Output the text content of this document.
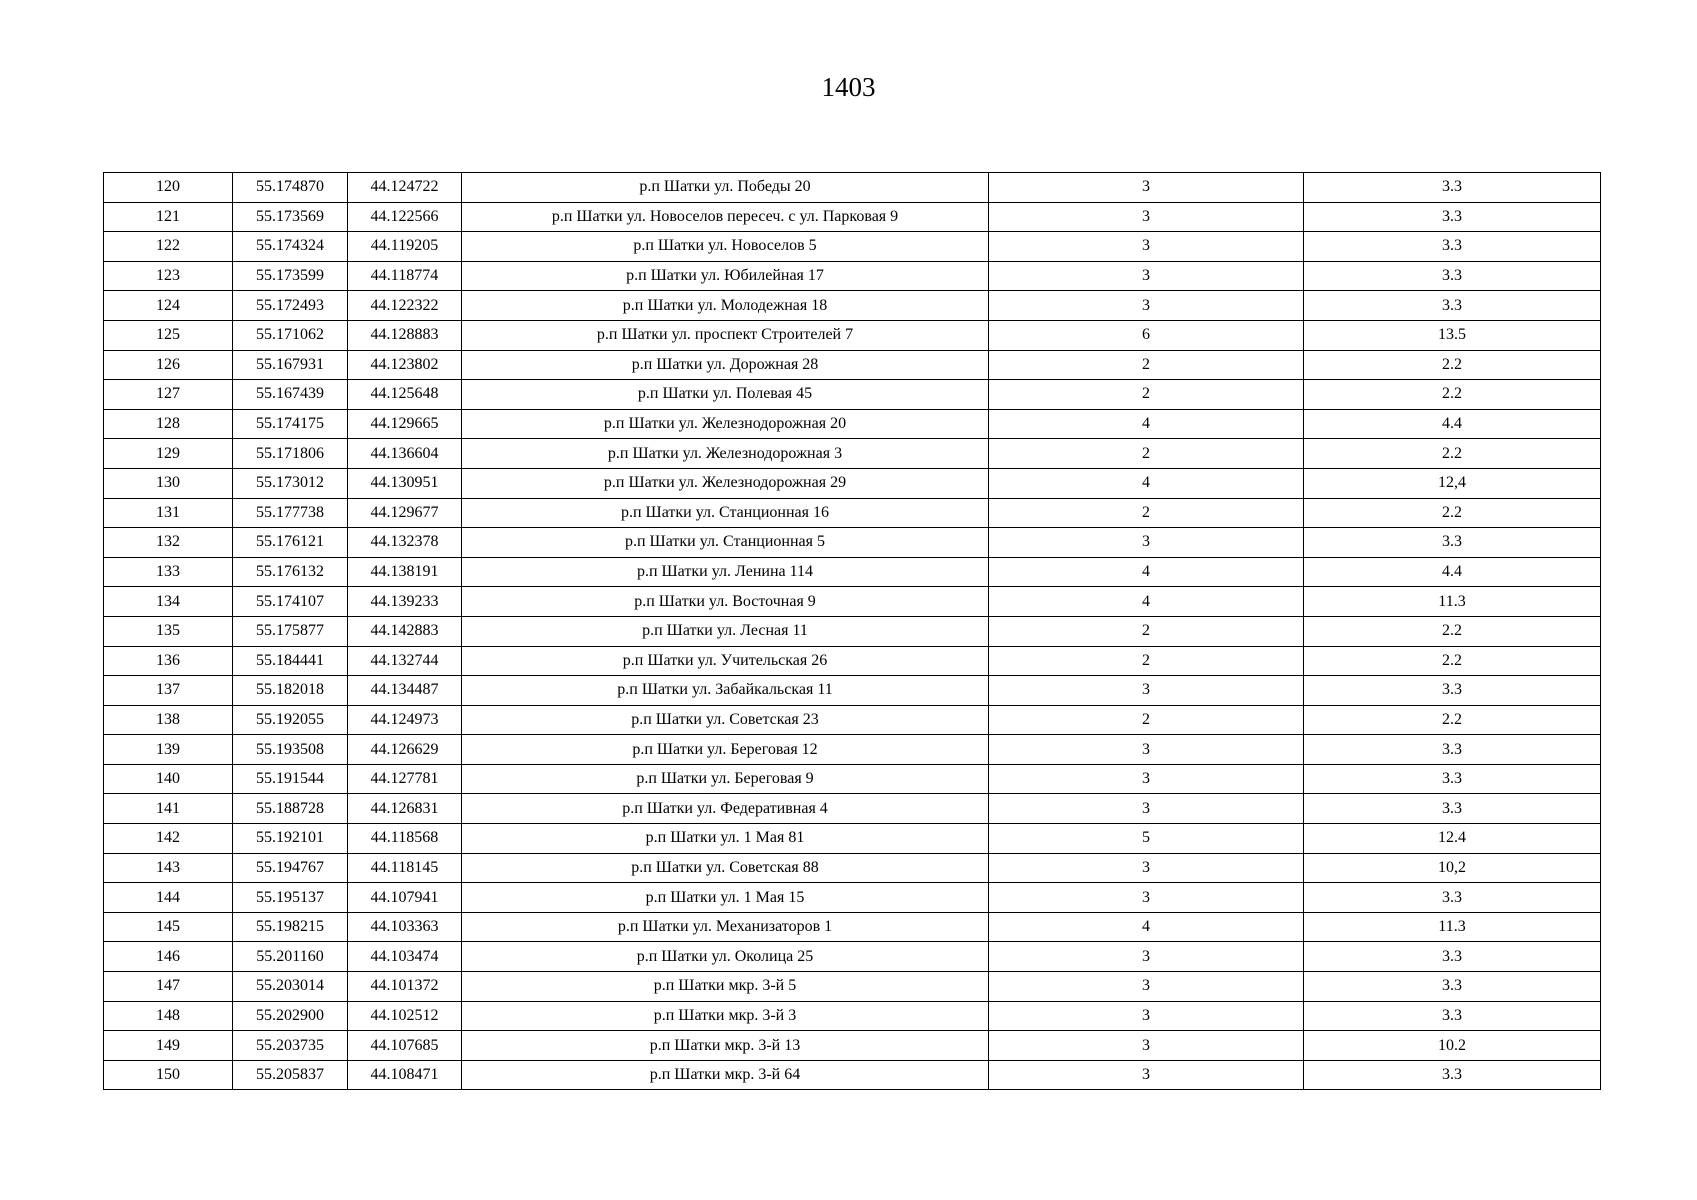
1403
120	55.174870	44.124722	р.п Шатки ул. Победы 20	3	3.3
121	55.173569	44.122566	р.п Шатки ул. Новоселов пересеч. с ул. Парковая 9	3	3.3
122	55.174324	44.119205	р.п Шатки ул. Новоселов 5	3	3.3
123	55.173599	44.118774	р.п Шатки ул. Юбилейная 17	3	3.3
124	55.172493	44.122322	р.п Шатки ул. Молодежная 18	3	3.3
125	55.171062	44.128883	р.п Шатки ул. проспект Строителей 7	6	13.5
126	55.167931	44.123802	р.п Шатки ул. Дорожная 28	2	2.2
127	55.167439	44.125648	р.п Шатки ул. Полевая 45	2	2.2
128	55.174175	44.129665	р.п Шатки ул. Железнодорожная 20	4	4.4
129	55.171806	44.136604	р.п Шатки ул. Железнодорожная 3	2	2.2
130	55.173012	44.130951	р.п Шатки ул. Железнодорожная 29	4	12,4
131	55.177738	44.129677	р.п Шатки ул. Станционная 16	2	2.2
132	55.176121	44.132378	р.п Шатки ул. Станционная 5	3	3.3
133	55.176132	44.138191	р.п Шатки ул. Ленина 114	4	4.4
134	55.174107	44.139233	р.п Шатки ул. Восточная 9	4	11.3
135	55.175877	44.142883	р.п Шатки ул. Лесная 11	2	2.2
136	55.184441	44.132744	р.п Шатки ул. Учительская 26	2	2.2
137	55.182018	44.134487	р.п Шатки ул. Забайкальская 11	3	3.3
138	55.192055	44.124973	р.п Шатки ул. Советская 23	2	2.2
139	55.193508	44.126629	р.п Шатки ул. Береговая 12	3	3.3
140	55.191544	44.127781	р.п Шатки ул. Береговая 9	3	3.3
141	55.188728	44.126831	р.п Шатки ул. Федеративная 4	3	3.3
142	55.192101	44.118568	р.п Шатки ул. 1 Мая 81	5	12.4
143	55.194767	44.118145	р.п Шатки ул. Советская 88	3	10,2
144	55.195137	44.107941	р.п Шатки ул. 1 Мая 15	3	3.3
145	55.198215	44.103363	р.п Шатки ул. Механизаторов 1	4	11.3
146	55.201160	44.103474	р.п Шатки ул. Околица 25	3	3.3
147	55.203014	44.101372	р.п Шатки мкр. 3-й 5	3	3.3
148	55.202900	44.102512	р.п Шатки мкр. 3-й 3	3	3.3
149	55.203735	44.107685	р.п Шатки мкр. 3-й 13	3	10.2
150	55.205837	44.108471	р.п Шатки мкр. 3-й 64	3	3.3
